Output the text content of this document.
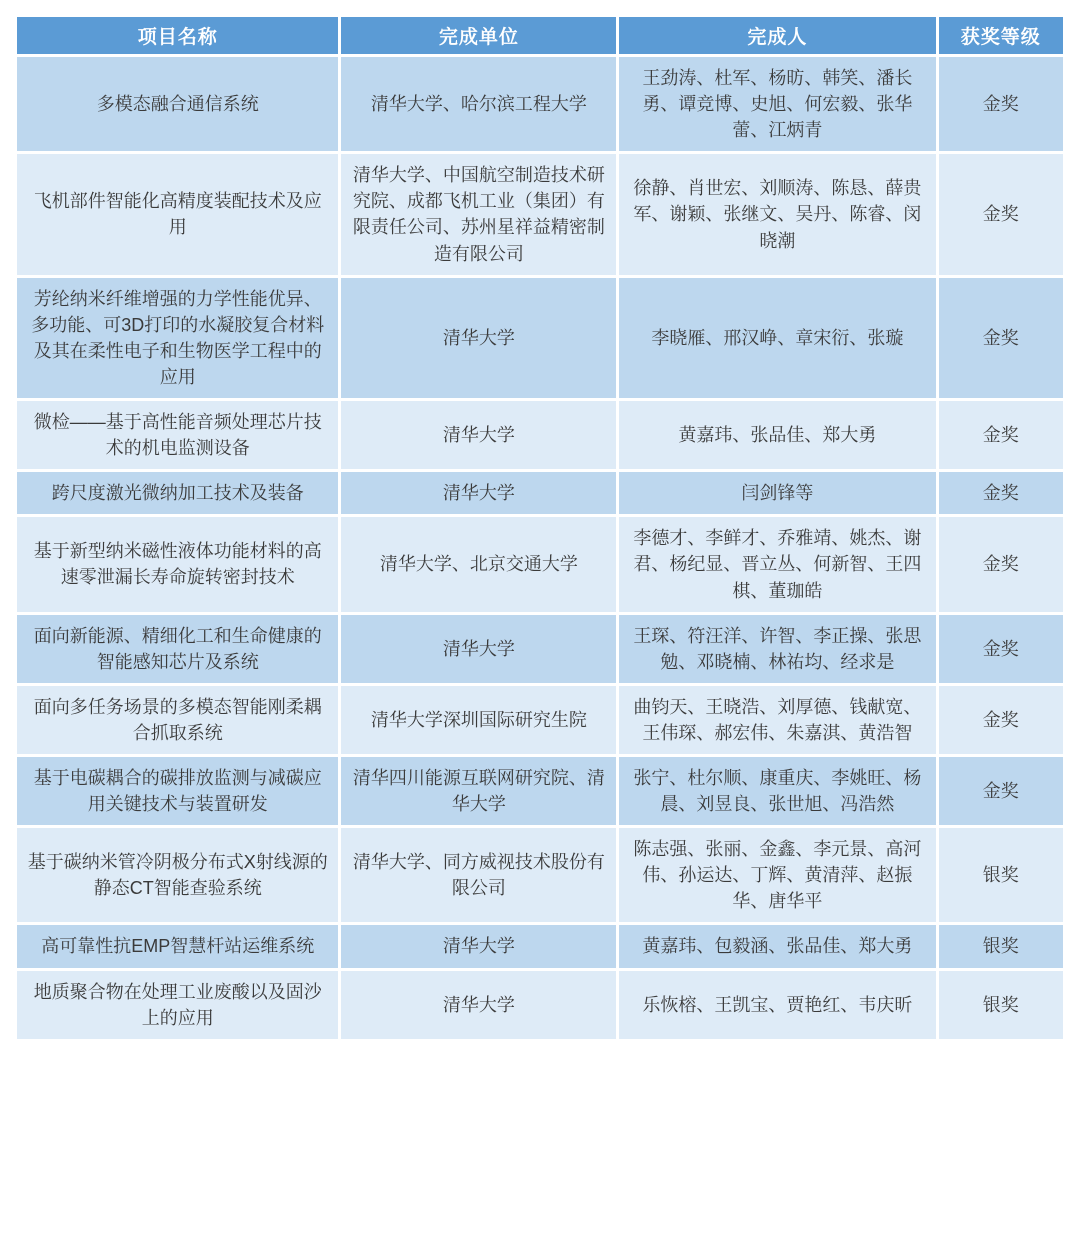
项目名称	完成单位	完成人	获奖等级
多模态融合通信系统	清华大学、哈尔滨工程大学	王劲涛、杜军、杨昉、韩笑、潘长勇、谭竞博、史旭、何宏毅、张华蕾、江炳青	金奖
飞机部件智能化高精度装配技术及应用	清华大学、中国航空制造技术研究院、成都飞机工业（集团）有限责任公司、苏州星祥益精密制造有限公司	徐静、肖世宏、刘顺涛、陈恳、薛贵军、谢颖、张继文、吴丹、陈睿、闵晓潮	金奖
芳纶纳米纤维增强的力学性能优异、多功能、可3D打印的水凝胶复合材料及其在柔性电子和生物医学工程中的应用	清华大学	李晓雁、邢汉峥、章宋衍、张璇	金奖
微检——基于高性能音频处理芯片技术的机电监测设备	清华大学	黄嘉玮、张品佳、郑大勇	金奖
跨尺度激光微纳加工技术及装备	清华大学	闫剑锋等	金奖
基于新型纳米磁性液体功能材料的高速零泄漏长寿命旋转密封技术	清华大学、北京交通大学	李德才、李鲜才、乔雅靖、姚杰、谢君、杨纪显、晋立丛、何新智、王四棋、董珈皓	金奖
面向新能源、精细化工和生命健康的智能感知芯片及系统	清华大学	王琛、符汪洋、许智、李正操、张思勉、邓晓楠、林祐均、经求是	金奖
面向多任务场景的多模态智能刚柔耦合抓取系统	清华大学深圳国际研究生院	曲钧天、王晓浩、刘厚德、钱献宽、王伟琛、郝宏伟、朱嘉淇、黄浩智	金奖
基于电碳耦合的碳排放监测与减碳应用关键技术与装置研发	清华四川能源互联网研究院、清华大学	张宁、杜尔顺、康重庆、李姚旺、杨晨、刘昱良、张世旭、冯浩然	金奖
基于碳纳米管冷阴极分布式X射线源的静态CT智能查验系统	清华大学、同方威视技术股份有限公司	陈志强、张丽、金鑫、李元景、高河伟、孙运达、丁辉、黄清萍、赵振华、唐华平	银奖
高可靠性抗EMP智慧杆站运维系统	清华大学	黄嘉玮、包毅涵、张品佳、郑大勇	银奖
地质聚合物在处理工业废酸以及固沙上的应用	清华大学	乐恢榕、王凯宝、贾艳红、韦庆昕	银奖
